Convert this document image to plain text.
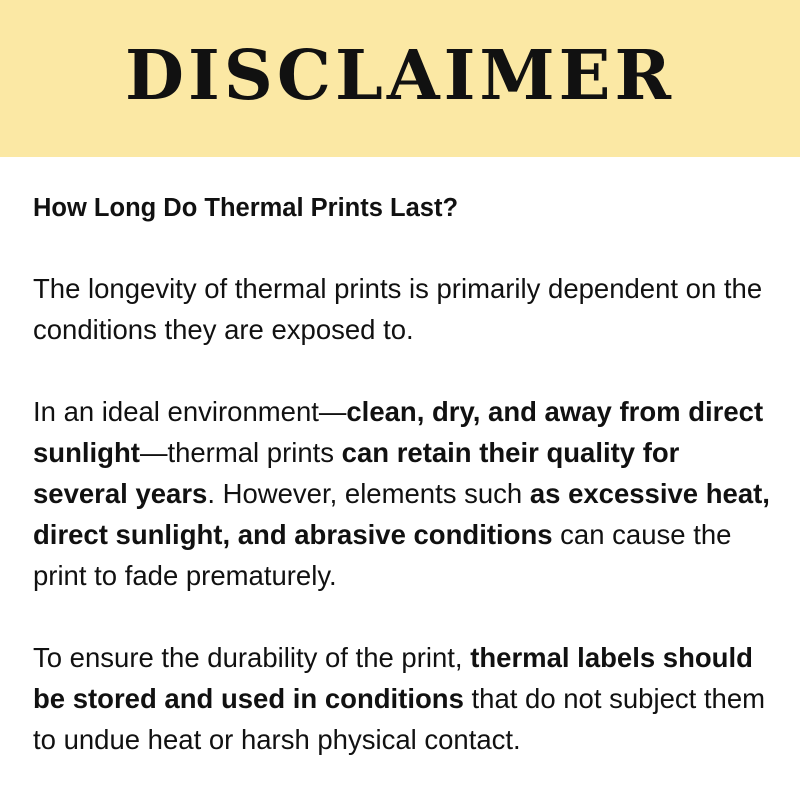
DISCLAIMER
How Long Do Thermal Prints Last?

The longevity of thermal prints is primarily dependent on the conditions they are exposed to.

In an ideal environment—clean, dry, and away from direct sunlight—thermal prints can retain their quality for several years. However, elements such as excessive heat, direct sunlight, and abrasive conditions can cause the print to fade prematurely.

To ensure the durability of the print, thermal labels should be stored and used in conditions that do not subject them to undue heat or harsh physical contact.
